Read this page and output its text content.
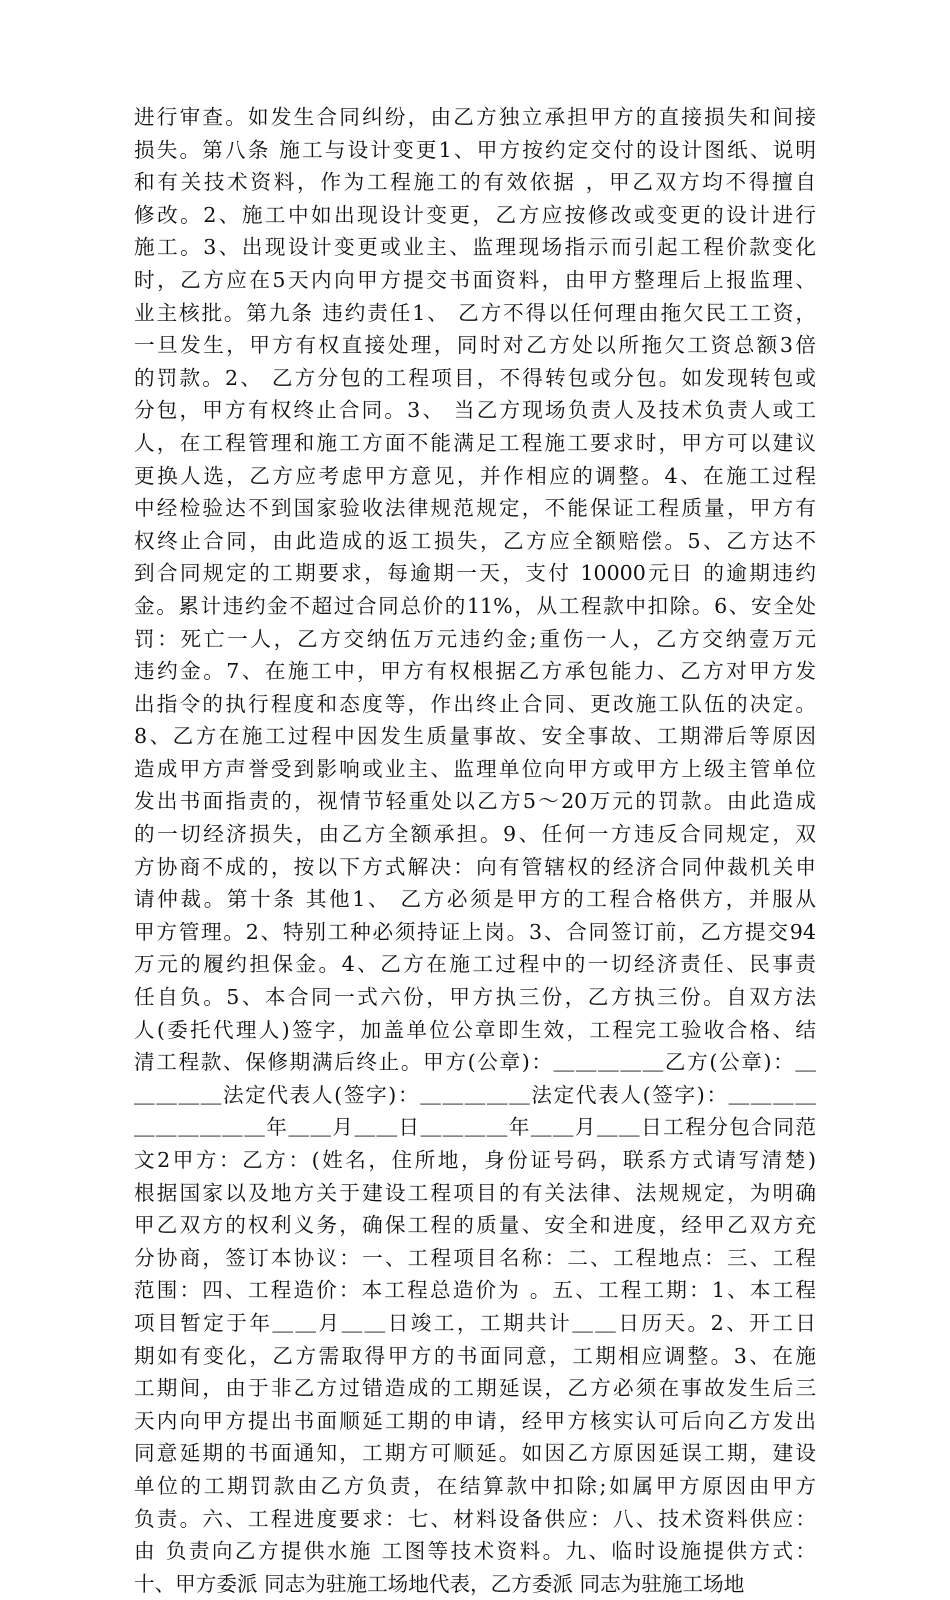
进行审查。如发生合同纠纷，由乙方独立承担甲方的直接损失和间接
损失。第八条 施工与设计变更1、甲方按约定交付的设计图纸、说明
和有关技术资料，作为工程施工的有效依据 ，甲乙双方均不得擅自
修改。2、施工中如出现设计变更，乙方应按修改或变更的设计进行
施工。3、出现设计变更或业主、监理现场指示而引起工程价款变化
时，乙方应在5天内向甲方提交书面资料，由甲方整理后上报监理、
业主核批。第九条 违约责任1、 乙方不得以任何理由拖欠民工工资，
一旦发生，甲方有权直接处理，同时对乙方处以所拖欠工资总额3倍
的罚款。2、 乙方分包的工程项目，不得转包或分包。如发现转包或
分包，甲方有权终止合同。3、 当乙方现场负责人及技术负责人或工
人，在工程管理和施工方面不能满足工程施工要求时，甲方可以建议
更换人选，乙方应考虑甲方意见，并作相应的调整。4、在施工过程
中经检验达不到国家验收法律规范规定，不能保证工程质量，甲方有
权终止合同，由此造成的返工损失，乙方应全额赔偿。5、乙方达不
到合同规定的工期要求，每逾期一天，支付 10000元日 的逾期违约
金。累计违约金不超过合同总价的11%，从工程款中扣除。6、安全处
罚：死亡一人，乙方交纳伍万元违约金;重伤一人，乙方交纳壹万元
违约金。7、在施工中，甲方有权根据乙方承包能力、乙方对甲方发
出指令的执行程度和态度等，作出终止合同、更改施工队伍的决定。
8、乙方在施工过程中因发生质量事故、安全事故、工期滞后等原因
造成甲方声誉受到影响或业主、监理单位向甲方或甲方上级主管单位
发出书面指责的，视情节轻重处以乙方5～20万元的罚款。由此造成
的一切经济损失，由乙方全额承担。9、任何一方违反合同规定，双
方协商不成的，按以下方式解决：向有管辖权的经济合同仲裁机关申
请仲裁。第十条 其他1、 乙方必须是甲方的工程合格供方，并服从
甲方管理。2、特别工种必须持证上岗。3、合同签订前，乙方提交94
万元的履约担保金。4、乙方在施工过程中的一切经济责任、民事责
任自负。5、本合同一式六份，甲方执三份，乙方执三份。自双方法
人(委托代理人)签字，加盖单位公章即生效，工程完工验收合格、结
清工程款、保修期满后终止。甲方(公章)：＿＿＿＿＿乙方(公章)：＿
＿＿＿＿法定代表人(签字)：＿＿＿＿＿法定代表人(签字)：＿＿＿＿
＿＿＿＿＿＿年＿＿月＿＿日＿＿＿＿年＿＿月＿＿日工程分包合同范
文2甲方：乙方：(姓名，住所地，身份证号码，联系方式请写清楚)
根据国家以及地方关于建设工程项目的有关法律、法规规定，为明确
甲乙双方的权利义务，确保工程的质量、安全和进度，经甲乙双方充
分协商，签订本协议：一、工程项目名称：二、工程地点：三、工程
范围：四、工程造价：本工程总造价为 。五、工程工期：1、本工程
项目暂定于年＿＿月＿＿日竣工，工期共计＿＿日历天。2、开工日
期如有变化，乙方需取得甲方的书面同意，工期相应调整。3、在施
工期间，由于非乙方过错造成的工期延误，乙方必须在事故发生后三
天内向甲方提出书面顺延工期的申请，经甲方核实认可后向乙方发出
同意延期的书面通知，工期方可顺延。如因乙方原因延误工期，建设
单位的工期罚款由乙方负责，在结算款中扣除;如属甲方原因由甲方
负责。六、工程进度要求：七、材料设备供应：八、技术资料供应：
由 负责向乙方提供水施 工图等技术资料。九、临时设施提供方式：
十、甲方委派 同志为驻施工场地代表，乙方委派 同志为驻施工场地
